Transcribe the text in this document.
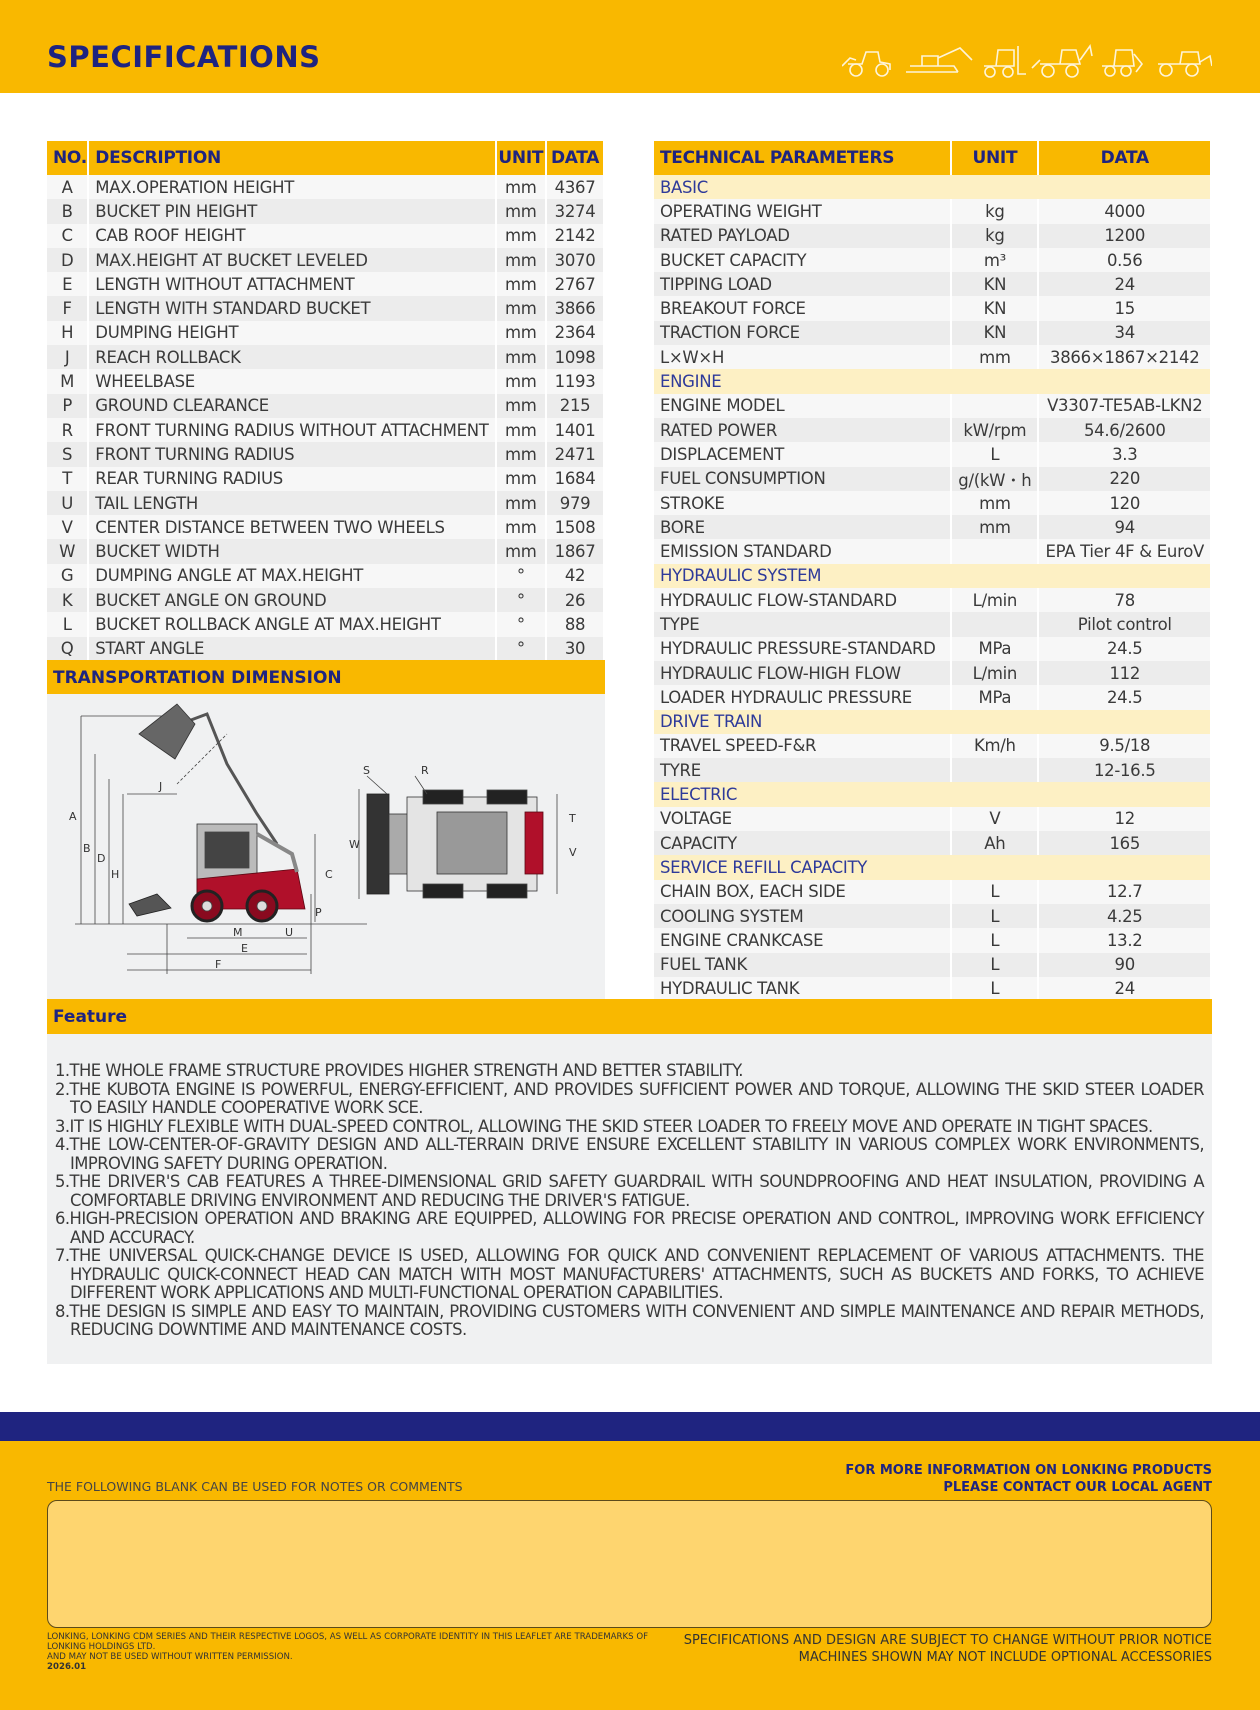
SPECIFICATIONS
NO.	DESCRIPTION	UNIT	DATA
A	MAX.OPERATION HEIGHT	mm	4367
B	BUCKET PIN HEIGHT	mm	3274
C	CAB ROOF HEIGHT	mm	2142
D	MAX.HEIGHT AT BUCKET LEVELED	mm	3070
E	LENGTH WITHOUT ATTACHMENT	mm	2767
F	LENGTH WITH STANDARD BUCKET	mm	3866
H	DUMPING HEIGHT	mm	2364
J	REACH ROLLBACK	mm	1098
M	WHEELBASE	mm	1193
P	GROUND CLEARANCE	mm	215
R	FRONT TURNING RADIUS WITHOUT ATTACHMENT	mm	1401
S	FRONT TURNING RADIUS	mm	2471
T	REAR TURNING RADIUS	mm	1684
U	TAIL LENGTH	mm	979
V	CENTER DISTANCE BETWEEN TWO WHEELS	mm	1508
W	BUCKET WIDTH	mm	1867
G	DUMPING ANGLE AT MAX.HEIGHT	°	42
K	BUCKET ANGLE ON GROUND	°	26
L	BUCKET ROLLBACK ANGLE AT MAX.HEIGHT	°	88
Q	START ANGLE	°	30
TRANSPORTATION DIMENSION
A
B
D
H
J
C
P
M	U
E
F
S	R
T
W
V
TECHNICAL PARAMETERS	UNIT	DATA
BASIC		
OPERATING WEIGHT	kg	4000
RATED PAYLOAD	kg	1200
BUCKET CAPACITY	m³	0.56
TIPPING LOAD	KN	24
BREAKOUT FORCE	KN	15
TRACTION FORCE	KN	34
L×W×H	mm	3866×1867×2142
ENGINE		
ENGINE MODEL		V3307-TE5AB-LKN2
RATED POWER	kW/rpm	54.6/2600
DISPLACEMENT	L	3.3
FUEL CONSUMPTION	g/(kW・h	220
STROKE	mm	120
BORE	mm	94
EMISSION STANDARD		EPA Tier 4F & EuroV
HYDRAULIC SYSTEM		
HYDRAULIC FLOW-STANDARD	L/min	78
TYPE		Pilot control
HYDRAULIC PRESSURE-STANDARD	MPa	24.5
HYDRAULIC FLOW-HIGH FLOW	L/min	112
LOADER HYDRAULIC PRESSURE	MPa	24.5
DRIVE TRAIN		
TRAVEL SPEED-F&R	Km/h	9.5/18
TYRE		12-16.5
ELECTRIC		
VOLTAGE	V	12
CAPACITY	Ah	165
SERVICE REFILL CAPACITY		
CHAIN BOX, EACH SIDE	L	12.7
COOLING SYSTEM	L	4.25
ENGINE CRANKCASE	L	13.2
FUEL TANK	L	90
HYDRAULIC TANK	L	24
Feature
1.THE WHOLE FRAME STRUCTURE PROVIDES HIGHER STRENGTH AND BETTER STABILITY.
2.THE KUBOTA ENGINE IS POWERFUL, ENERGY-EFFICIENT, AND PROVIDES SUFFICIENT POWER AND TORQUE, ALLOWING THE SKID STEER LOADER TO EASILY HANDLE COOPERATIVE WORK SCE.
3.IT IS HIGHLY FLEXIBLE WITH DUAL-SPEED CONTROL, ALLOWING THE SKID STEER LOADER TO FREELY MOVE AND OPERATE IN TIGHT SPACES.
4.THE LOW-CENTER-OF-GRAVITY DESIGN AND ALL-TERRAIN DRIVE ENSURE EXCELLENT STABILITY IN VARIOUS COMPLEX WORK ENVIRONMENTS, IMPROVING SAFETY DURING OPERATION.
5.THE DRIVER'S CAB FEATURES A THREE-DIMENSIONAL GRID SAFETY GUARDRAIL WITH SOUNDPROOFING AND HEAT INSULATION, PROVIDING A COMFORTABLE DRIVING ENVIRONMENT AND REDUCING THE DRIVER'S FATIGUE.
6.HIGH-PRECISION OPERATION AND BRAKING ARE EQUIPPED, ALLOWING FOR PRECISE OPERATION AND CONTROL, IMPROVING WORK EFFICIENCY AND ACCURACY.
7.THE UNIVERSAL QUICK-CHANGE DEVICE IS USED, ALLOWING FOR QUICK AND CONVENIENT REPLACEMENT OF VARIOUS ATTACHMENTS. THE HYDRAULIC QUICK-CONNECT HEAD CAN MATCH WITH MOST MANUFACTURERS' ATTACHMENTS, SUCH AS BUCKETS AND FORKS, TO ACHIEVE DIFFERENT WORK APPLICATIONS AND MULTI-FUNCTIONAL OPERATION CAPABILITIES.
8.THE DESIGN IS SIMPLE AND EASY TO MAINTAIN, PROVIDING CUSTOMERS WITH CONVENIENT AND SIMPLE MAINTENANCE AND REPAIR METHODS, REDUCING DOWNTIME AND MAINTENANCE COSTS.
THE FOLLOWING BLANK CAN BE USED FOR NOTES OR COMMENTS
FOR MORE INFORMATION ON LONKING PRODUCTS
PLEASE CONTACT OUR LOCAL AGENT
LONKING, LONKING CDM SERIES AND THEIR RESPECTIVE LOGOS, AS WELL AS CORPORATE IDENTITY IN THIS LEAFLET ARE TRADEMARKS OF LONKING HOLDINGS LTD.
AND MAY NOT BE USED WITHOUT WRITTEN PERMISSION.
2026.01
SPECIFICATIONS AND DESIGN ARE SUBJECT TO CHANGE WITHOUT PRIOR NOTICE
MACHINES SHOWN MAY NOT INCLUDE OPTIONAL ACCESSORIES
